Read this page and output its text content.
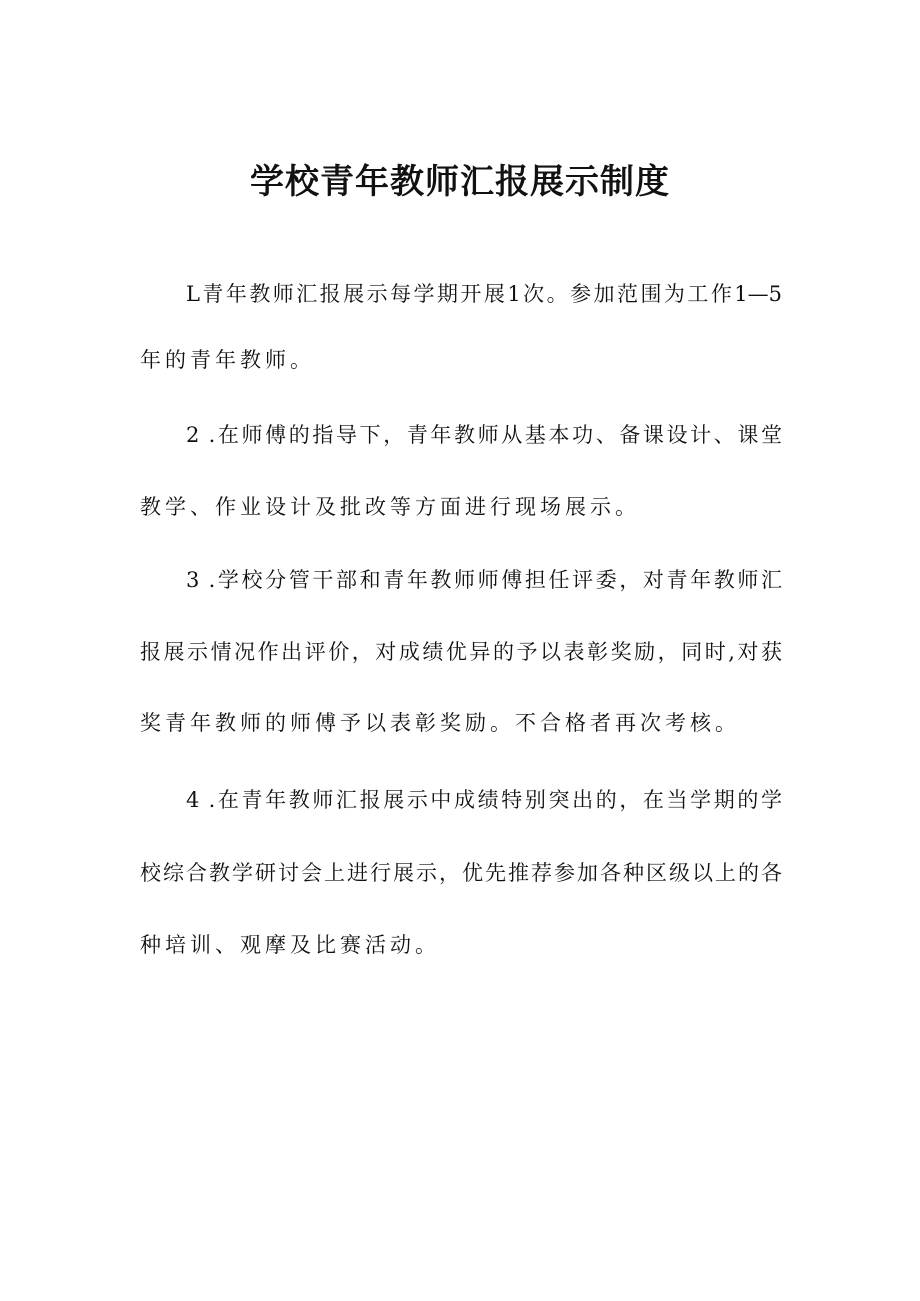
学校青年教师汇报展示制度
L青年教师汇报展示每学期开展1次。参加范围为工作1—5
年的青年教师。
2 .在师傅的指导下，青年教师从基本功、备课设计、课堂
教学、作业设计及批改等方面进行现场展示。
3 .学校分管干部和青年教师师傅担任评委，对青年教师汇
报展示情况作出评价，对成绩优异的予以表彰奖励，同时,对获
奖青年教师的师傅予以表彰奖励。不合格者再次考核。
4 .在青年教师汇报展示中成绩特别突出的，在当学期的学
校综合教学研讨会上进行展示，优先推荐参加各种区级以上的各
种培训、观摩及比赛活动。
